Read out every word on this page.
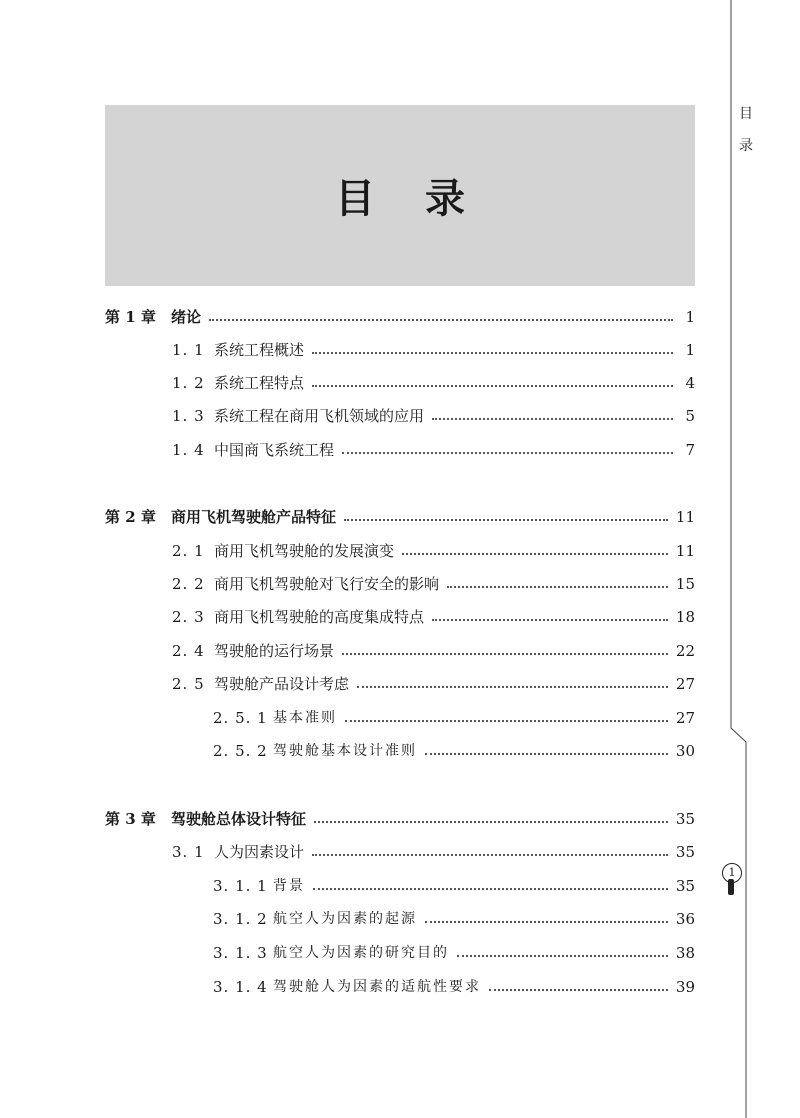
目
录
目录
第 1 章	绪论	1
1. 1 系统工程概述	1
1. 2 系统工程特点	4
1. 3 系统工程在商用飞机领域的应用	5
1. 4 中国商飞系统工程	7
第 2 章	商用飞机驾驶舱产品特征	11
2. 1 商用飞机驾驶舱的发展演变	11
2. 2 商用飞机驾驶舱对飞行安全的影响	15
2. 3 商用飞机驾驶舱的高度集成特点	18
2. 4 驾驶舱的运行场景	22
2. 5 驾驶舱产品设计考虑	27
2. 5. 1 基本准则	27
2. 5. 2 驾驶舱基本设计准则	30
第 3 章	驾驶舱总体设计特征	35
3. 1 人为因素设计	35
3. 1. 1 背景	35
3. 1. 2 航空人为因素的起源	36
3. 1. 3 航空人为因素的研究目的	38
3. 1. 4 驾驶舱人为因素的适航性要求	39
1
